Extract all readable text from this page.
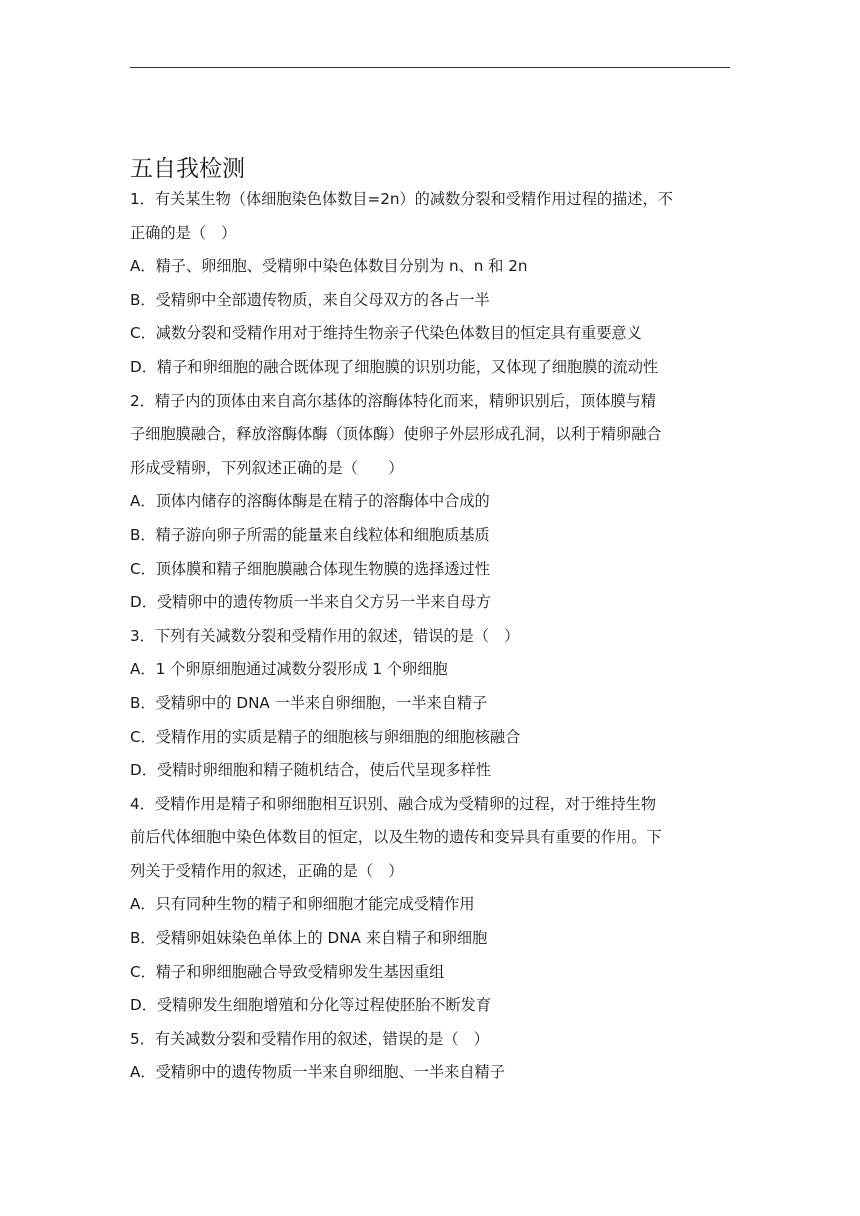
五自我检测
1．有关某生物（体细胞染色体数目=2n）的减数分裂和受精作用过程的描述，不
正确的是（　）
A．精子、卵细胞、受精卵中染色体数目分别为 n、n 和 2n
B．受精卵中全部遗传物质，来自父母双方的各占一半
C．减数分裂和受精作用对于维持生物亲子代染色体数目的恒定具有重要意义
D．精子和卵细胞的融合既体现了细胞膜的识别功能，又体现了细胞膜的流动性
2．精子内的顶体由来自高尔基体的溶酶体特化而来，精卵识别后，顶体膜与精
子细胞膜融合，释放溶酶体酶（顶体酶）使卵子外层形成孔洞，以利于精卵融合
形成受精卵，下列叙述正确的是（　　）
A．顶体内储存的溶酶体酶是在精子的溶酶体中合成的
B．精子游向卵子所需的能量来自线粒体和细胞质基质
C．顶体膜和精子细胞膜融合体现生物膜的选择透过性
D．受精卵中的遗传物质一半来自父方另一半来自母方
3．下列有关减数分裂和受精作用的叙述，错误的是（　）
A．1 个卵原细胞通过减数分裂形成 1 个卵细胞
B．受精卵中的 DNA 一半来自卵细胞，一半来自精子
C．受精作用的实质是精子的细胞核与卵细胞的细胞核融合
D．受精时卵细胞和精子随机结合，使后代呈现多样性
4．受精作用是精子和卵细胞相互识别、融合成为受精卵的过程，对于维持生物
前后代体细胞中染色体数目的恒定，以及生物的遗传和变异具有重要的作用。下
列关于受精作用的叙述，正确的是（　）
A．只有同种生物的精子和卵细胞才能完成受精作用
B．受精卵姐妹染色单体上的 DNA 来自精子和卵细胞
C．精子和卵细胞融合导致受精卵发生基因重组
D．受精卵发生细胞增殖和分化等过程使胚胎不断发育
5．有关减数分裂和受精作用的叙述，错误的是（　）
A．受精卵中的遗传物质一半来自卵细胞、一半来自精子
